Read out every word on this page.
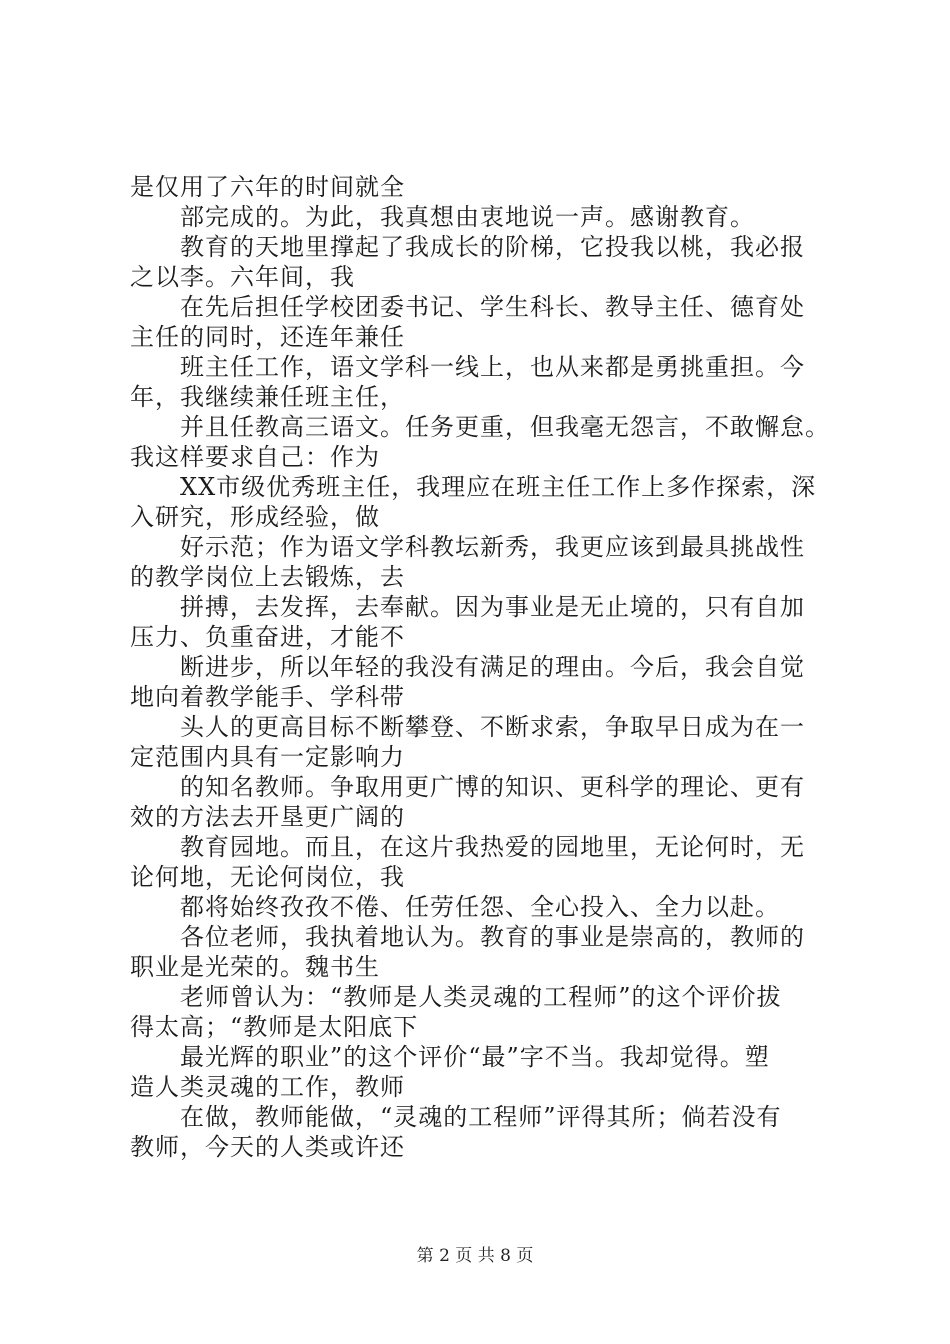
是仅用了六年的时间就全
部完成的。为此，我真想由衷地说一声。感谢教育。
教育的天地里撑起了我成长的阶梯，它投我以桃，我必报
之以李。六年间，我
在先后担任学校团委书记、学生科长、教导主任、德育处
主任的同时，还连年兼任
班主任工作，语文学科一线上，也从来都是勇挑重担。今
年，我继续兼任班主任，
并且任教高三语文。任务更重，但我毫无怨言，不敢懈怠。
我这样要求自己：作为
XX市级优秀班主任，我理应在班主任工作上多作探索，深
入研究，形成经验，做
好示范；作为语文学科教坛新秀，我更应该到最具挑战性
的教学岗位上去锻炼，去
拼搏，去发挥，去奉献。因为事业是无止境的，只有自加
压力、负重奋进，才能不
断进步，所以年轻的我没有满足的理由。今后，我会自觉
地向着教学能手、学科带
头人的更高目标不断攀登、不断求索，争取早日成为在一
定范围内具有一定影响力
的知名教师。争取用更广博的知识、更科学的理论、更有
效的方法去开垦更广阔的
教育园地。而且，在这片我热爱的园地里，无论何时，无
论何地，无论何岗位，我
都将始终孜孜不倦、任劳任怨、全心投入、全力以赴。
各位老师，我执着地认为。教育的事业是崇高的，教师的
职业是光荣的。魏书生
老师曾认为：“教师是人类灵魂的工程师”的这个评价拔
得太高；“教师是太阳底下
最光辉的职业”的这个评价“最”字不当。我却觉得。塑
造人类灵魂的工作，教师
在做，教师能做，“灵魂的工程师”评得其所；倘若没有
教师，今天的人类或许还
第 2 页 共 8 页
